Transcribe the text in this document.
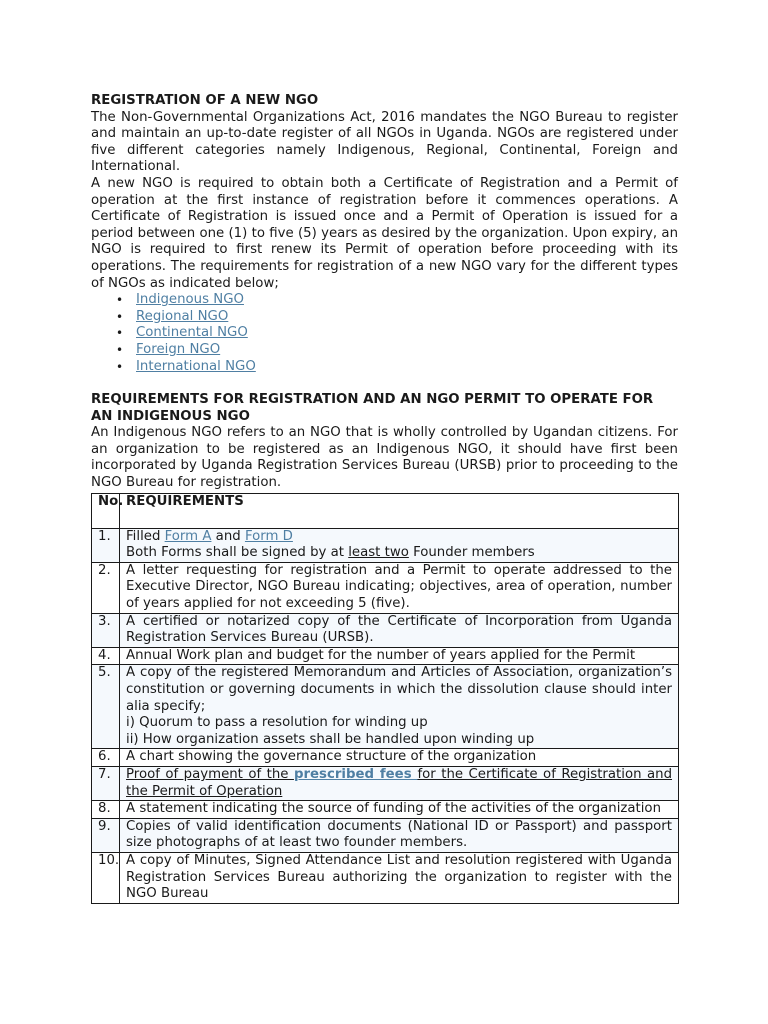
REGISTRATION OF A NEW NGO

The Non-Governmental Organizations Act, 2016 mandates the NGO Bureau to register and maintain an up-to-date register of all NGOs in Uganda. NGOs are registered under five different categories namely Indigenous, Regional, Continental, Foreign and International.

A new NGO is required to obtain both a Certificate of Registration and a Permit of operation at the first instance of registration before it commences operations. A Certificate of Registration is issued once and a Permit of Operation is issued for a period between one (1) to five (5) years as desired by the organization. Upon expiry, an NGO is required to first renew its Permit of operation before proceeding with its operations. The requirements for registration of a new NGO vary for the different types of NGOs as indicated below;

• Indigenous NGO
• Regional NGO
• Continental NGO
• Foreign NGO
• International NGO
REQUIREMENTS FOR REGISTRATION AND AN NGO PERMIT TO OPERATE FOR AN INDIGENOUS NGO

An Indigenous NGO refers to an NGO that is wholly controlled by Ugandan citizens. For an organization to be registered as an Indigenous NGO, it should have first been incorporated by Uganda Registration Services Bureau (URSB) prior to proceeding to the NGO Bureau for registration.

No.	REQUIREMENTS
1.	Filled Form A and Form D
Both Forms shall be signed by at least two Founder members

2.	A letter requesting for registration and a Permit to operate addressed to the Executive Director, NGO Bureau indicating; objectives, area of operation, number of years applied for not exceeding 5 (five).
3.	A certified or notarized copy of the Certificate of Incorporation from Uganda Registration Services Bureau (URSB).
4.	Annual Work plan and budget for the number of years applied for the Permit
5.	A copy of the registered Memorandum and Articles of Association, organization’s constitution or governing documents in which the dissolution clause should inter alia specify;
i) Quorum to pass a resolution for winding up
ii) How organization assets shall be handled upon winding up

6.	A chart showing the governance structure of the organization
7.	Proof of payment of the prescribed fees for the Certificate of Registration and the Permit of Operation
8.	A statement indicating the source of funding of the activities of the organization
9.	Copies of valid identification documents (National ID or Passport) and passport size photographs of at least two founder members.
10.	A copy of Minutes, Signed Attendance List and resolution registered with Uganda Registration Services Bureau authorizing the organization to register with the NGO Bureau
